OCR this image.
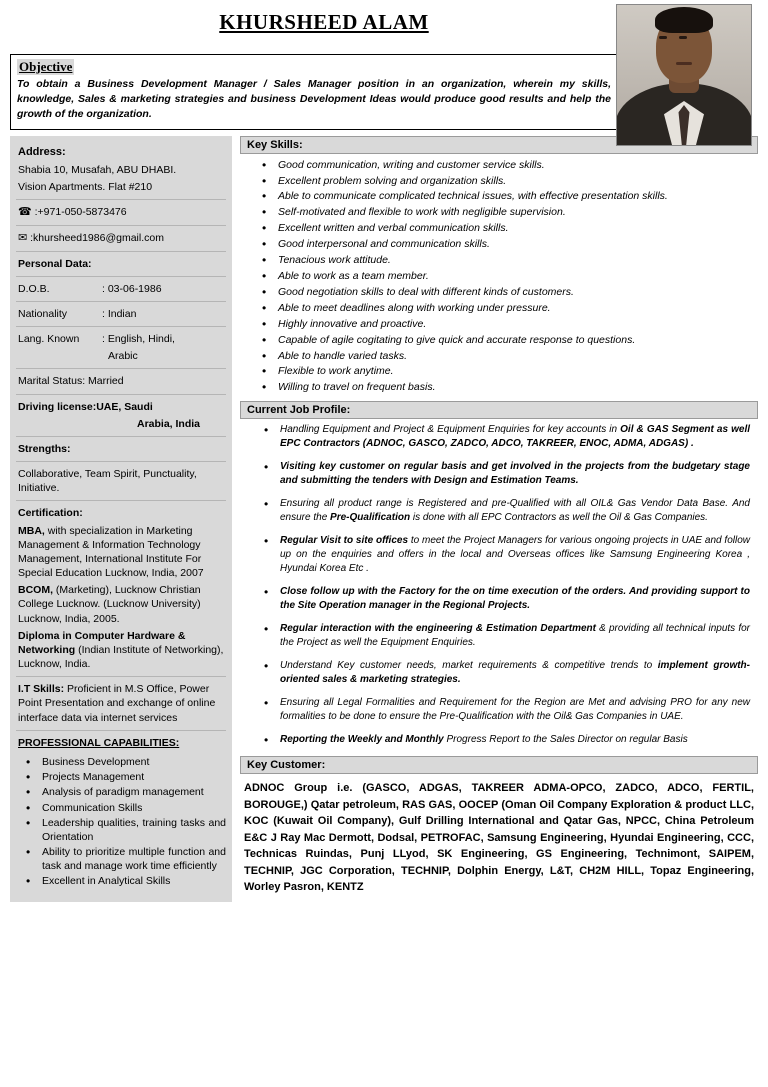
KHURSHEED ALAM
Objective
To obtain a Business Development Manager / Sales Manager position in an organization, wherein my skills, knowledge, Sales & marketing strategies and business Development Ideas would produce good results and help the growth of the organization.
Address:
Shabia 10, Musafah, ABU DHABI.
Vision Apartments. Flat #210
☎ :+971-050-5873476
✉ :khursheed1986@gmail.com
Personal Data:
D.O.B.	: 03-06-1986
Nationality	: Indian
Lang. Known	: English, Hindi,
Arabic
Marital Status: Married
Driving license:UAE, Saudi
Arabia, India
Strengths:
Collaborative, Team Spirit, Punctuality, Initiative.
Certification:
MBA, with specialization in Marketing Management & Information Technology Management, International Institute For Special Education Lucknow, India, 2007
BCOM, (Marketing), Lucknow Christian College Lucknow. (Lucknow University) Lucknow, India, 2005.
Diploma in Computer Hardware & Networking (Indian Institute of Networking), Lucknow, India.
I.T Skills: Proficient in M.S Office, Power Point Presentation and exchange of online interface data via internet services
PROFESSIONAL CAPABILITIES:
• Business Development
• Projects Management
• Analysis of paradigm management
• Communication Skills
• Leadership qualities, training tasks and Orientation
• Ability to prioritize multiple function and task and manage work time efficiently
• Excellent in Analytical Skills
Key Skills:
• Good communication, writing and customer service skills.
• Excellent problem solving and organization skills.
• Able to communicate complicated technical issues, with effective presentation skills.
• Self-motivated and flexible to work with negligible supervision.
• Excellent written and verbal communication skills.
• Good interpersonal and communication skills.
• Tenacious work attitude.
• Able to work as a team member.
• Good negotiation skills to deal with different kinds of customers.
• Able to meet deadlines along with working under pressure.
• Highly innovative and proactive.
• Capable of agile cogitating to give quick and accurate response to questions.
• Able to handle varied tasks.
• Flexible to work anytime.
• Willing to travel on frequent basis.
Current Job Profile:
• Handling Equipment and Project & Equipment Enquiries for key accounts in Oil & GAS Segment as well EPC Contractors (ADNOC, GASCO, ZADCO, ADCO, TAKREER, ENOC, ADMA, ADGAS) .
• Visiting key customer on regular basis and get involved in the projects from the budgetary stage and submitting the tenders with Design and Estimation Teams.
• Ensuring all product range is Registered and pre-Qualified with all OIL& Gas Vendor Data Base. And ensure the Pre-Qualification is done with all EPC Contractors as well the Oil & Gas Companies.
• Regular Visit to site offices to meet the Project Managers for various ongoing projects in UAE and follow up on the enquiries and offers in the local and Overseas offices like Samsung Engineering Korea , Hyundai Korea Etc .
• Close follow up with the Factory for the on time execution of the orders. And providing support to the Site Operation manager in the Regional Projects.
• Regular interaction with the engineering & Estimation Department & providing all technical inputs for the Project as well the Equipment Enquiries.
• Understand Key customer needs, market requirements & competitive trends to implement growth-oriented sales & marketing strategies.
• Ensuring all Legal Formalities and Requirement for the Region are Met and advising PRO for any new formalities to be done to ensure the Pre-Qualification with the Oil& Gas Companies in UAE.
• Reporting the Weekly and Monthly Progress Report to the Sales Director on regular Basis
Key Customer:
ADNOC Group i.e. (GASCO, ADGAS, TAKREER ADMA-OPCO, ZADCO, ADCO, FERTIL, BOROUGE,) Qatar petroleum, RAS GAS, OOCEP (Oman Oil Company Exploration & product LLC, KOC (Kuwait Oil Company), Gulf Drilling International and Qatar Gas, NPCC, China Petroleum E&C J Ray Mac Dermott, Dodsal, PETROFAC, Samsung Engineering, Hyundai Engineering, CCC, Technicas Ruindas, Punj LLyod, SK Engineering, GS Engineering, Technimont, SAIPEM, TECHNIP, JGC Corporation, TECHNIP, Dolphin Energy, L&T, CH2M HILL, Topaz Engineering, Worley Pasron, KENTZ
